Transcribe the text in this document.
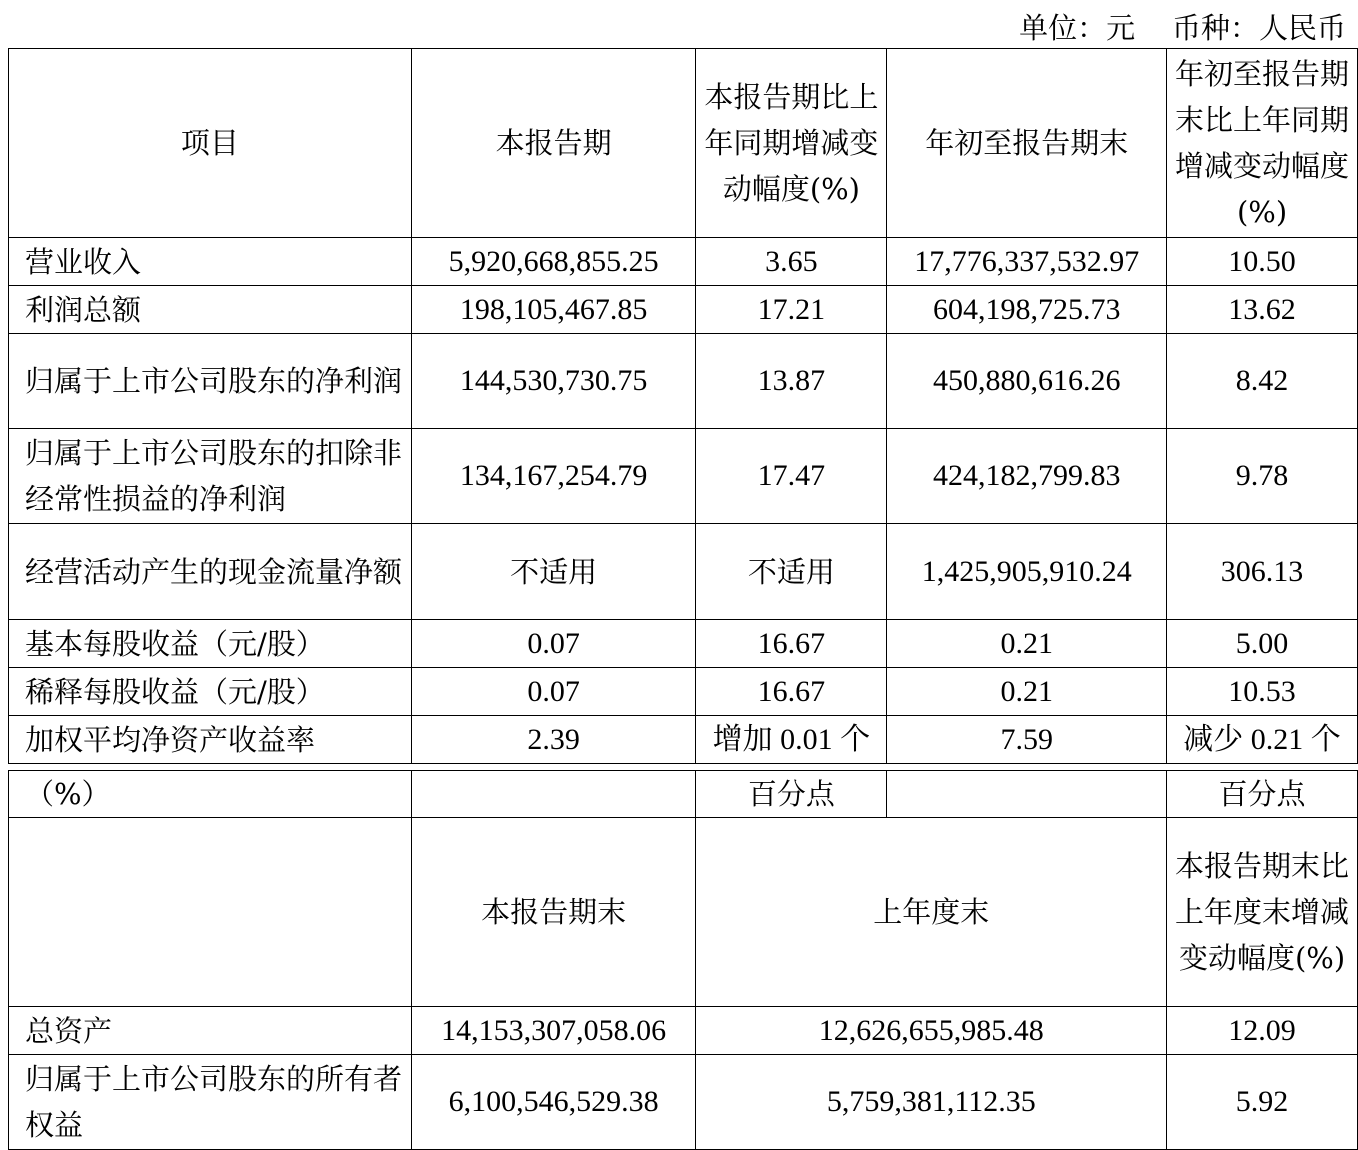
单位：元    币种：人民币
项目	本报告期	本报告期比上年同期增减变动幅度(%)	年初至报告期末	年初至报告期末比上年同期增减变动幅度(%)
营业收入	5,920,668,855.25	3.65	17,776,337,532.97	10.50
利润总额	198,105,467.85	17.21	604,198,725.73	13.62
归属于上市公司股东的净利润	144,530,730.75	13.87	450,880,616.26	8.42
归属于上市公司股东的扣除非经常性损益的净利润	134,167,254.79	17.47	424,182,799.83	9.78
经营活动产生的现金流量净额	不适用	不适用	1,425,905,910.24	306.13
基本每股收益（元/股）	0.07	16.67	0.21	5.00
稀释每股收益（元/股）	0.07	16.67	0.21	10.53
加权平均净资产收益率	2.39	增加 0.01 个	7.59	减少 0.21 个
（%）		百分点		百分点
	本报告期末	上年度末		本报告期末比上年度末增减变动幅度(%)
总资产	14,153,307,058.06	12,626,655,985.48		12.09
归属于上市公司股东的所有者权益	6,100,546,529.38	5,759,381,112.35		5.92
